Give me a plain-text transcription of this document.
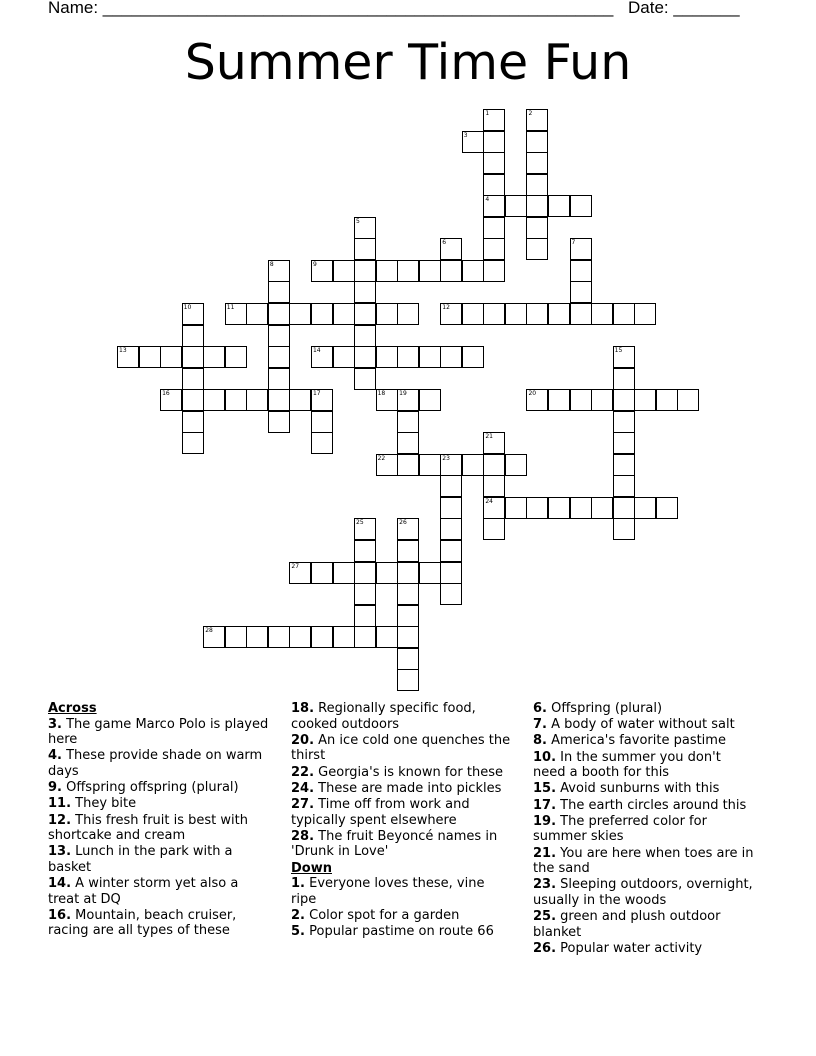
Name: ______________________________________________________ Date: _______
Summer Time Fun
1
4
2
3
5
6	7
8	9
10	11	12
13	14	15
16	17	18 19	20
21
24
22	23
25	26
27
28

Across

3. The game Marco Polo is played here

4. These provide shade on warm days

9. Offspring offspring (plural)

11. They bite

12. This fresh fruit is best with shortcake and cream

13. Lunch in the park with a basket

14. A winter storm yet also a treat at DQ

16. Mountain, beach cruiser, racing are all types of these

18. Regionally specific food, cooked outdoors

20. An ice cold one quenches the thirst

22. Georgia's is known for these

24. These are made into pickles

27. Time off from work and typically spent elsewhere

28. The fruit Beyoncé names in 'Drunk in Love'

Down

1. Everyone loves these, vine ripe

2. Color spot for a garden

5. Popular pastime on route 66

6. Offspring (plural)

7. A body of water without salt

8. America's favorite pastime

10. In the summer you don't need a booth for this

15. Avoid sunburns with this

17. The earth circles around this

19. The preferred color for summer skies

21. You are here when toes are in the sand

23. Sleeping outdoors, overnight, usually in the woods

25. green and plush outdoor blanket

26. Popular water activity
